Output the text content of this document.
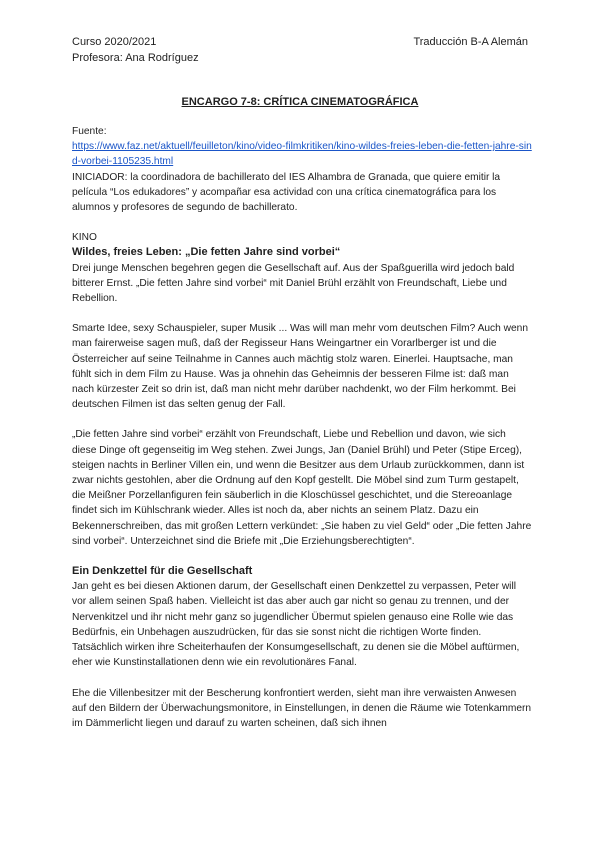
Curso 2020/2021
Profesora: Ana Rodríguez
Traducción B-A Alemán
ENCARGO 7-8: CRÍTICA CINEMATOGRÁFICA

Fuente:

https://www.faz.net/aktuell/feuilleton/kino/video-filmkritiken/kino-wildes-freies-leben-die-fetten-jahre-sind-vorbei-1105235.html

INICIADOR: la coordinadora de bachillerato del IES Alhambra de Granada, que quiere emitir la película “Los edukadores” y acompañar esa actividad con una crítica cinematográfica para los alumnos y profesores de segundo de bachillerato.

KINO

Wildes, freies Leben: „Die fetten Jahre sind vorbei“

Drei junge Menschen begehren gegen die Gesellschaft auf. Aus der Spaßguerilla wird jedoch bald bitterer Ernst. „Die fetten Jahre sind vorbei“ mit Daniel Brühl erzählt von Freundschaft, Liebe und Rebellion.

Smarte Idee, sexy Schauspieler, super Musik ... Was will man mehr vom deutschen Film? Auch wenn man fairerweise sagen muß, daß der Regisseur Hans Weingartner ein Vorarlberger ist und die Österreicher auf seine Teilnahme in Cannes auch mächtig stolz waren. Einerlei. Hauptsache, man fühlt sich in dem Film zu Hause. Was ja ohnehin das Geheimnis der besseren Filme ist: daß man nach kürzester Zeit so drin ist, daß man nicht mehr darüber nachdenkt, wo der Film herkommt. Bei deutschen Filmen ist das selten genug der Fall.

„Die fetten Jahre sind vorbei“ erzählt von Freundschaft, Liebe und Rebellion und davon, wie sich diese Dinge oft gegenseitig im Weg stehen. Zwei Jungs, Jan (Daniel Brühl) und Peter (Stipe Erceg), steigen nachts in Berliner Villen ein, und wenn die Besitzer aus dem Urlaub zurückkommen, dann ist zwar nichts gestohlen, aber die Ordnung auf den Kopf gestellt. Die Möbel sind zum Turm gestapelt, die Meißner Porzellanfiguren fein säuberlich in die Kloschüssel geschichtet, und die Stereoanlage findet sich im Kühlschrank wieder. Alles ist noch da, aber nichts an seinem Platz. Dazu ein Bekennerschreiben, das mit großen Lettern verkündet: „Sie haben zu viel Geld“ oder „Die fetten Jahre sind vorbei“. Unterzeichnet sind die Briefe mit „Die Erziehungsberechtigten“.

Ein Denkzettel für die Gesellschaft

Jan geht es bei diesen Aktionen darum, der Gesellschaft einen Denkzettel zu verpassen, Peter will vor allem seinen Spaß haben. Vielleicht ist das aber auch gar nicht so genau zu trennen, und der Nervenkitzel und ihr nicht mehr ganz so jugendlicher Übermut spielen genauso eine Rolle wie das Bedürfnis, ein Unbehagen auszudrücken, für das sie sonst nicht die richtigen Worte finden. Tatsächlich wirken ihre Scheiterhaufen der Konsumgesellschaft, zu denen sie die Möbel auftürmen, eher wie Kunstinstallationen denn wie ein revolutionäres Fanal.

Ehe die Villenbesitzer mit der Bescherung konfrontiert werden, sieht man ihre verwaisten Anwesen auf den Bildern der Überwachungsmonitore, in Einstellungen, in denen die Räume wie Totenkammern im Dämmerlicht liegen und darauf zu warten scheinen, daß sich ihnen
